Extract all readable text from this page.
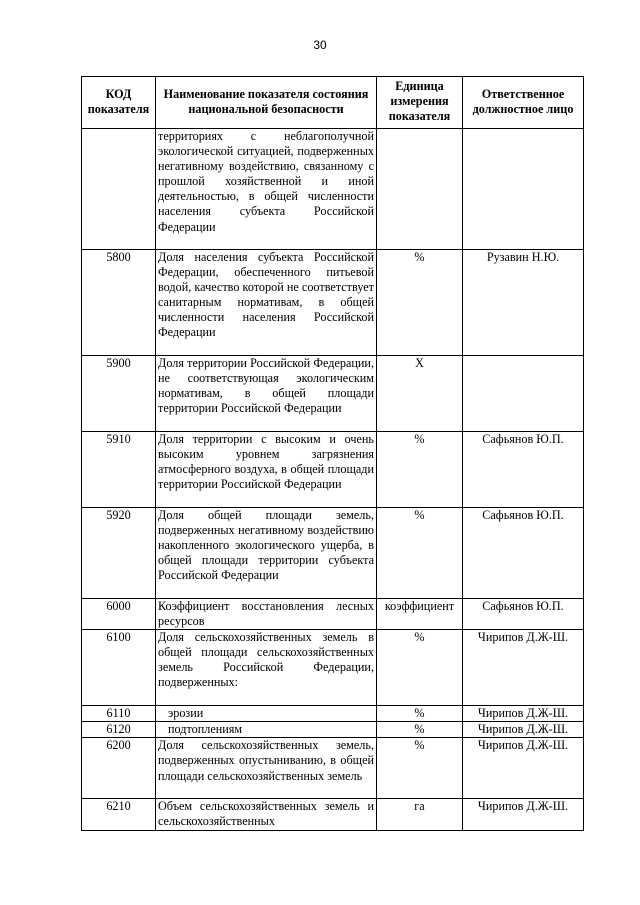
30
КОД показателя	Наименование показателя состояния национальной безопасности	Единица измерения показателя	Ответственное должностное лицо
	территориях с неблагополучной экологической ситуацией, подверженных негативному воздействию, связанному с прошлой хозяйственной и иной деятельностью, в общей численности населения субъекта Российской Федерации		
5800	Доля населения субъекта Российской Федерации, обеспеченного питьевой водой, качество которой не соответствует санитарным нормативам, в общей численности населения Российской Федерации	%	Рузавин Н.Ю.
5900	Доля территории Российской Федерации, не соответствующая экологическим нормативам, в общей площади территории Российской Федерации	X	
5910	Доля территории с высоким и очень высоким уровнем загрязнения атмосферного воздуха, в общей площади территории Российской Федерации	%	Сафьянов Ю.П.
5920	Доля общей площади земель, подверженных негативному воздействию накопленного экологического ущерба, в общей площади территории субъекта Российской Федерации	%	Сафьянов Ю.П.
6000	Коэффициент восстановления лесных ресурсов	коэффициент	Сафьянов Ю.П.
6100	Доля сельскохозяйственных земель в общей площади сельскохозяйственных земель Российской Федерации, подверженных:	%	Чирипов Д.Ж-Ш.
6110	эрозии	%	Чирипов Д.Ж-Ш.
6120	подтоплениям	%	Чирипов Д.Ж-Ш.
6200	Доля сельскохозяйственных земель, подверженных опустыниванию, в общей площади сельскохозяйственных земель	%	Чирипов Д.Ж-Ш.
6210	Объем сельскохозяйственных земель и сельскохозяйственных	га	Чирипов Д.Ж-Ш.
